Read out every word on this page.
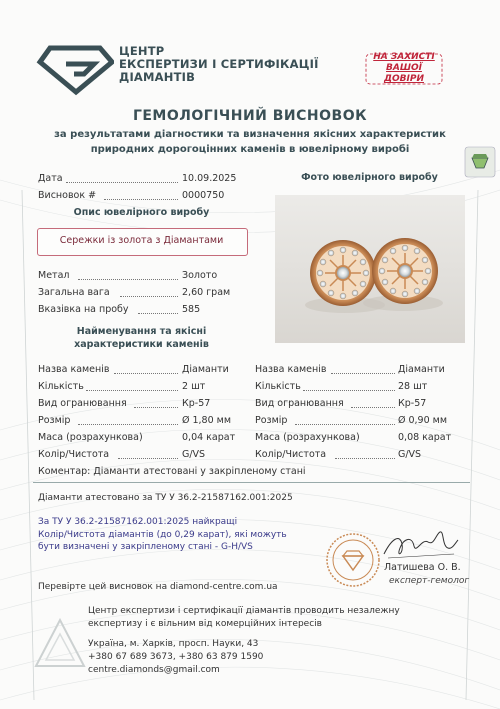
ЦЕНТР
ЕКСПЕРТИЗИ І СЕРТИФІКАЦІЇ
ДІАМАНТІВ
НА ЗАХИСТІ
ВАШОЇ
ДОВІРИ
ГЕМОЛОГІЧНИЙ ВИСНОВОК
за результатами діагностики та визначення якісних характеристик
природних дорогоцінних каменів в ювелірному виробі
Дата	10.09.2025
Висновок #	0000750
Опис ювелірного виробу
Сережки із золота з Діамантами
Метал	Золото
Загальна вага	2,60 грам
Вказівка на пробу	585
Найменування та якісні
характеристики каменів
Фото ювелірного виробу
Назва каменів	Діаманти
Кількість	2 шт
Вид огранювання	Кр-57
Розмір	Ø 1,80 мм
Маса (розрахункова)	0,04 карат
Колір/Чистота	G/VS
Назва каменів	Діаманти
Кількість	28 шт
Вид огранювання	Кр-57
Розмір	Ø 0,90 мм
Маса (розрахункова)	0,08 карат
Колір/Чистота	G/VS
Коментар: Діаманти атестовані у закріпленому стані
Діаманти атестовано за ТУ У 36.2-21587162.001:2025
За ТУ У 36.2-21587162.001:2025 найкращі
Колір/Чистота діамантів (до 0,29 карат), які можуть
бути визначені у закріпленому стані - G-H/VS
Латишева О. В.
експерт-гемолог
Перевірте цей висновок на diamond-centre.com.ua
Центр експертизи і сертифікації діамантів проводить незалежну
експертизу і є вільним від комерційних інтересів
Україна, м. Харків, просп. Науки, 43
+380 67 689 3673, +380 63 879 1590
centre.diamonds@gmail.com
